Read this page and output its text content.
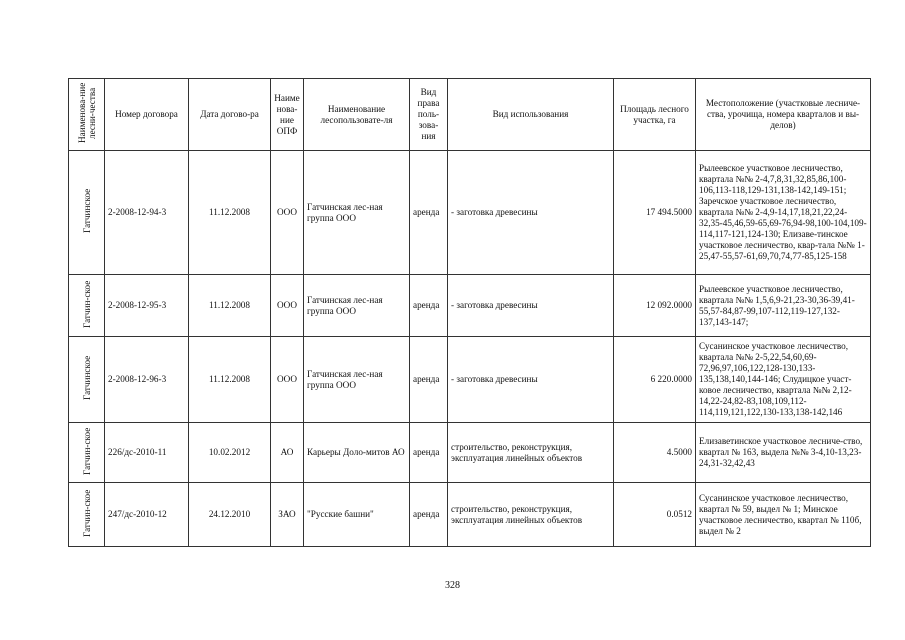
Наименова-ние лесни-чества	Номер договора	Дата догово-ра	Наиме нова-ние ОПФ	Наименование лесопользовате-ля	Вид права поль-зова-ния	Вид использования	Площадь лесного участка, га	Местоположение (участковые лесниче-ства, урочища, номера кварталов и вы-делов)
Гатчинское	2-2008-12-94-3	11.12.2008	ООО	Гатчинская лес-ная группа ООО	аренда	- заготовка древесины	17 494.5000	Рылеевское участковое лесничество, квартала №№ 2-4,7,8,31,32,85,86,100-106,113-118,129-131,138-142,149-151; Заречское участковое лесничество, квартала №№ 2-4,9-14,17,18,21,22,24-32,35-45,46,59-65,69-76,94-98,100-104,109-114,117-121,124-130; Елизаве-тинское участковое лесничество, квар-тала №№ 1-25,47-55,57-61,69,70,74,77-85,125-158
Гатчин-ское	2-2008-12-95-3	11.12.2008	ООО	Гатчинская лес-ная группа ООО	аренда	- заготовка древесины	12 092.0000	Рылеевское участковое лесничество, квартала №№ 1,5,6,9-21,23-30,36-39,41-55,57-84,87-99,107-112,119-127,132-137,143-147;
Гатчинское	2-2008-12-96-3	11.12.2008	ООО	Гатчинская лес-ная группа ООО	аренда	- заготовка древесины	6 220.0000	Сусанинское участковое лесничество, квартала №№ 2-5,22,54,60,69-72,96,97,106,122,128-130,133-135,138,140,144-146; Слудицкое участ-ковое лесничество, квартала №№ 2,12-14,22-24,82-83,108,109,112-114,119,121,122,130-133,138-142,146
Гатчин-ское	226/дс-2010-11	10.02.2012	АО	Карьеры Доло-митов АО	аренда	строительство, реконструкция, эксплуатация линейных объектов	4.5000	Елизаветинское участковое лесниче-ство, квартал № 163, выдела №№ 3-4,10-13,23-24,31-32,42,43
Гатчин-ское	247/дс-2010-12	24.12.2010	ЗАО	"Русские башни"	аренда	строительство, реконструкция, эксплуатация линейных объектов	0.0512	Сусанинское участковое лесничество, квартал № 59, выдел № 1; Минское участковое лесничество, квартал № 110б, выдел № 2
328
